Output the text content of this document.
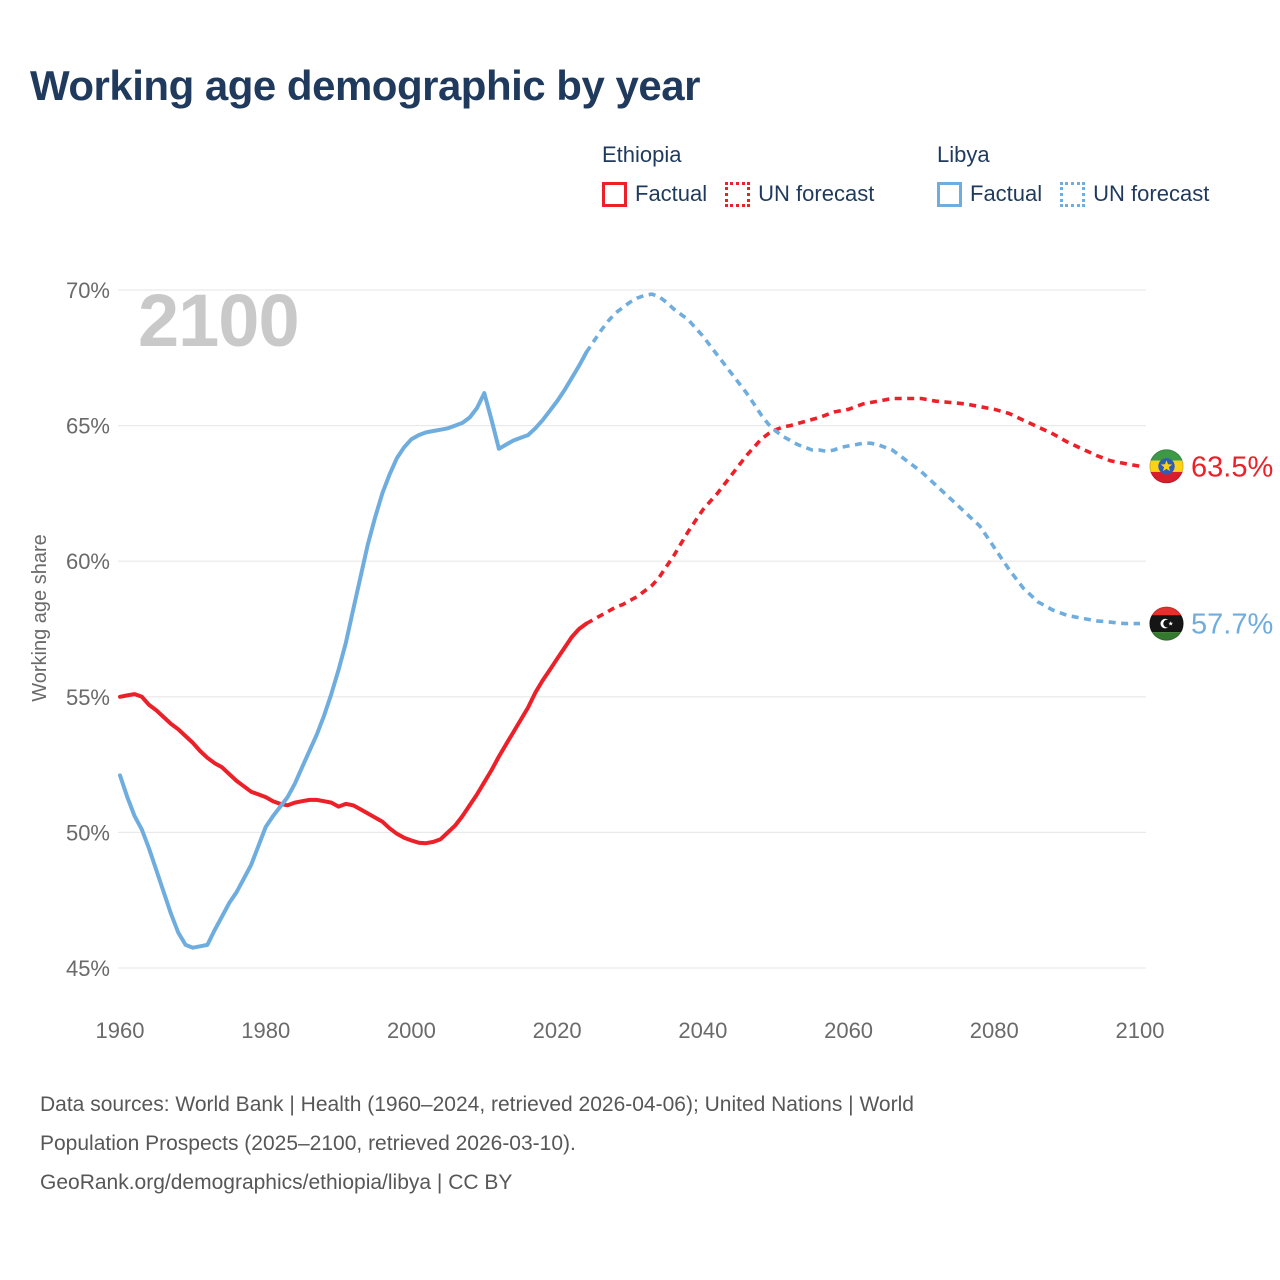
Working age demographic by year
Ethiopia
Factual UN forecast
Libya
Factual UN forecast
2100
70%
65%
60%
55%
50%
45%
1960	1980	2000	2020	2040	2060	2080	2100
Working age share
63.5%
57.7%
Data sources: World Bank | Health (1960–2024, retrieved 2026-04-06); United Nations | World
Population Prospects (2025–2100, retrieved 2026-03-10).
GeoRank.org/demographics/ethiopia/libya | CC BY
